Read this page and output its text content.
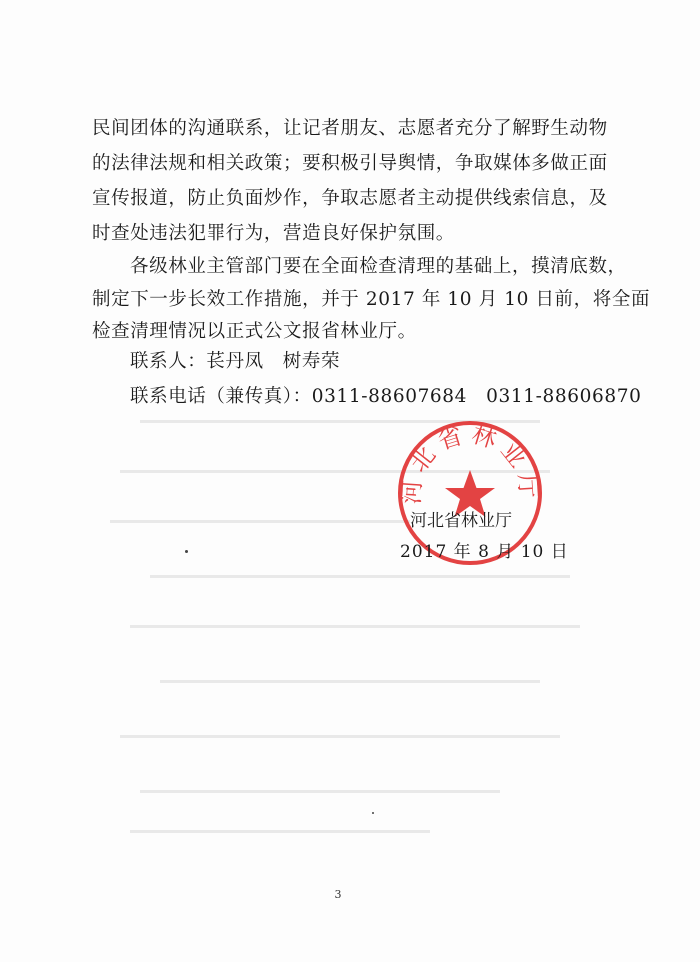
民间团体的沟通联系，让记者朋友、志愿者充分了解野生动物
的法律法规和相关政策；要积极引导舆情，争取媒体多做正面
宣传报道，防止负面炒作，争取志愿者主动提供线索信息，及
时查处违法犯罪行为，营造良好保护氛围。
各级林业主管部门要在全面检查清理的基础上，摸清底数，
制定下一步长效工作措施，并于 2017 年 10 月 10 日前，将全面
检查清理情况以正式公文报省林业厅。
联系人：苌丹凤　树寿荣
联系电话（兼传真）：0311-88607684　0311-88606870
河北省林业厅
河北省林业厅
2017 年 8 月 10 日
3
